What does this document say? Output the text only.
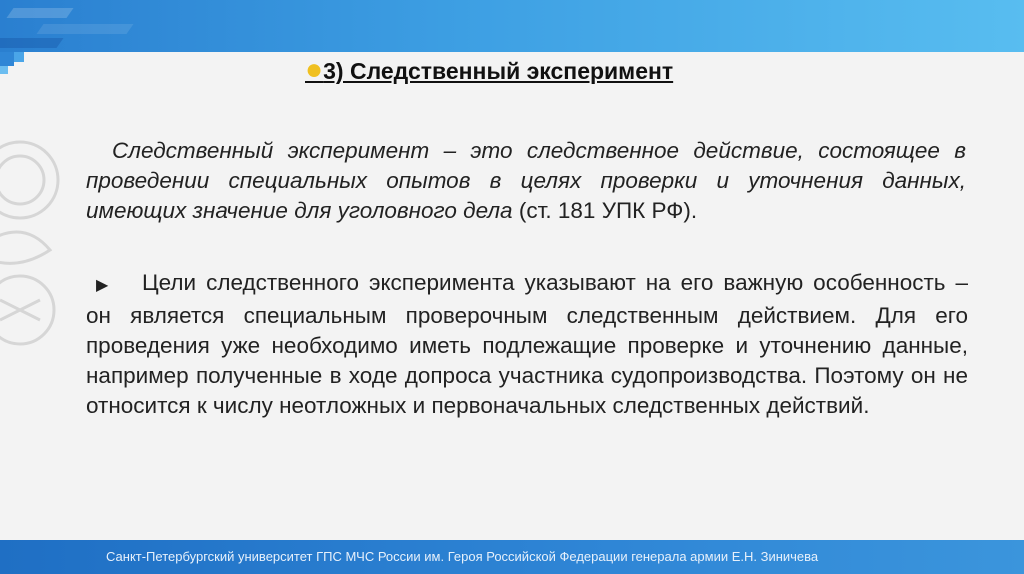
●3) Следственный эксперимент

Следственный эксперимент – это следственное действие, состоящее в проведении специальных опытов в целях проверки и уточнения данных, имеющих значение для уголовного дела (ст. 181 УПК РФ).

▶ Цели следственного эксперимента указывают на его важную особенность – он является специальным проверочным следственным действием. Для его проведения уже необходимо иметь подлежащие проверке и уточнению данные, например полученные в ходе допроса участника судопроизводства. Поэтому он не относится к числу неотложных и первоначальных следственных действий.

Санкт-Петербургский университет ГПС МЧС России им. Героя Российской Федерации генерала армии Е.Н. Зиничева
